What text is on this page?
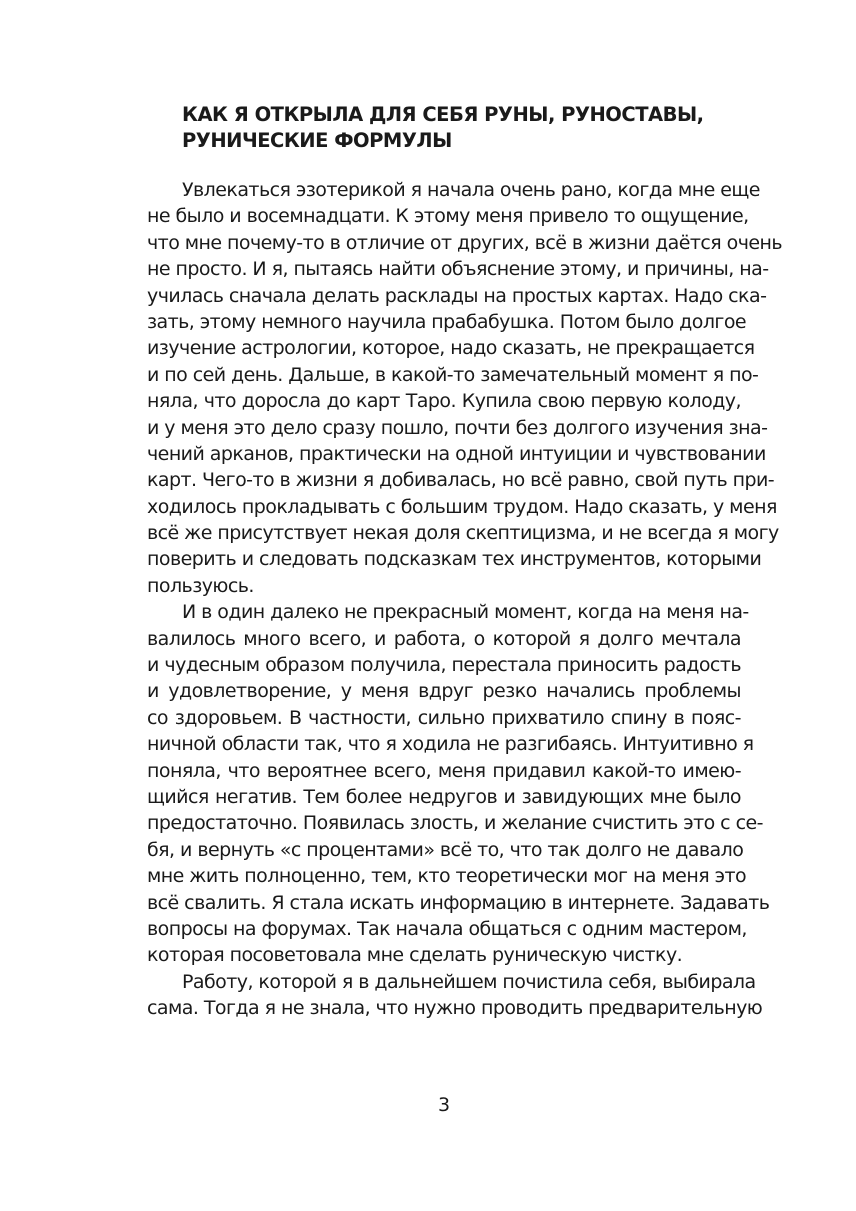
КАК Я ОТКРЫЛА ДЛЯ СЕБЯ РУНЫ, РУНОСТАВЫ,
РУНИЧЕСКИЕ ФОРМУЛЫ
Увлекаться эзотерикой я начала очень рано, когда мне еще
не было и восемнадцати. К этому меня привело то ощущение,
что мне почему-то в отличие от других, всё в жизни даётся очень
не просто. И я, пытаясь найти объяснение этому, и причины, на-
училась сначала делать расклады на простых картах. Надо ска-
зать, этому немного научила прабабушка. Потом было долгое
изучение астрологии, которое, надо сказать, не прекращается
и по сей день. Дальше, в какой-то замечательный момент я по-
няла, что доросла до карт Таро. Купила свою первую колоду,
и у меня это дело сразу пошло, почти без долгого изучения зна-
чений арканов, практически на одной интуиции и чувствовании
карт. Чего-то в жизни я добивалась, но всё равно, свой путь при-
ходилось прокладывать с большим трудом. Надо сказать, у меня
всё же присутствует некая доля скептицизма, и не всегда я могу
поверить и следовать подсказкам тех инструментов, которыми
пользуюсь.
И в один далеко не прекрасный момент, когда на меня на-
валилось много всего, и работа, о которой я долго мечтала
и чудесным образом получила, перестала приносить радость
и удовлетворение, у меня вдруг резко начались проблемы
со здоровьем. В частности, сильно прихватило спину в пояс-
ничной области так, что я ходила не разгибаясь. Интуитивно я
поняла, что вероятнее всего, меня придавил какой-то имею-
щийся негатив. Тем более недругов и завидующих мне было
предостаточно. Появилась злость, и желание счистить это с се-
бя, и вернуть «с процентами» всё то, что так долго не давало
мне жить полноценно, тем, кто теоретически мог на меня это
всё свалить. Я стала искать информацию в интернете. Задавать
вопросы на форумах. Так начала общаться с одним мастером,
которая посоветовала мне сделать руническую чистку.
Работу, которой я в дальнейшем почистила себя, выбирала
сама. Тогда я не знала, что нужно проводить предварительную
3
